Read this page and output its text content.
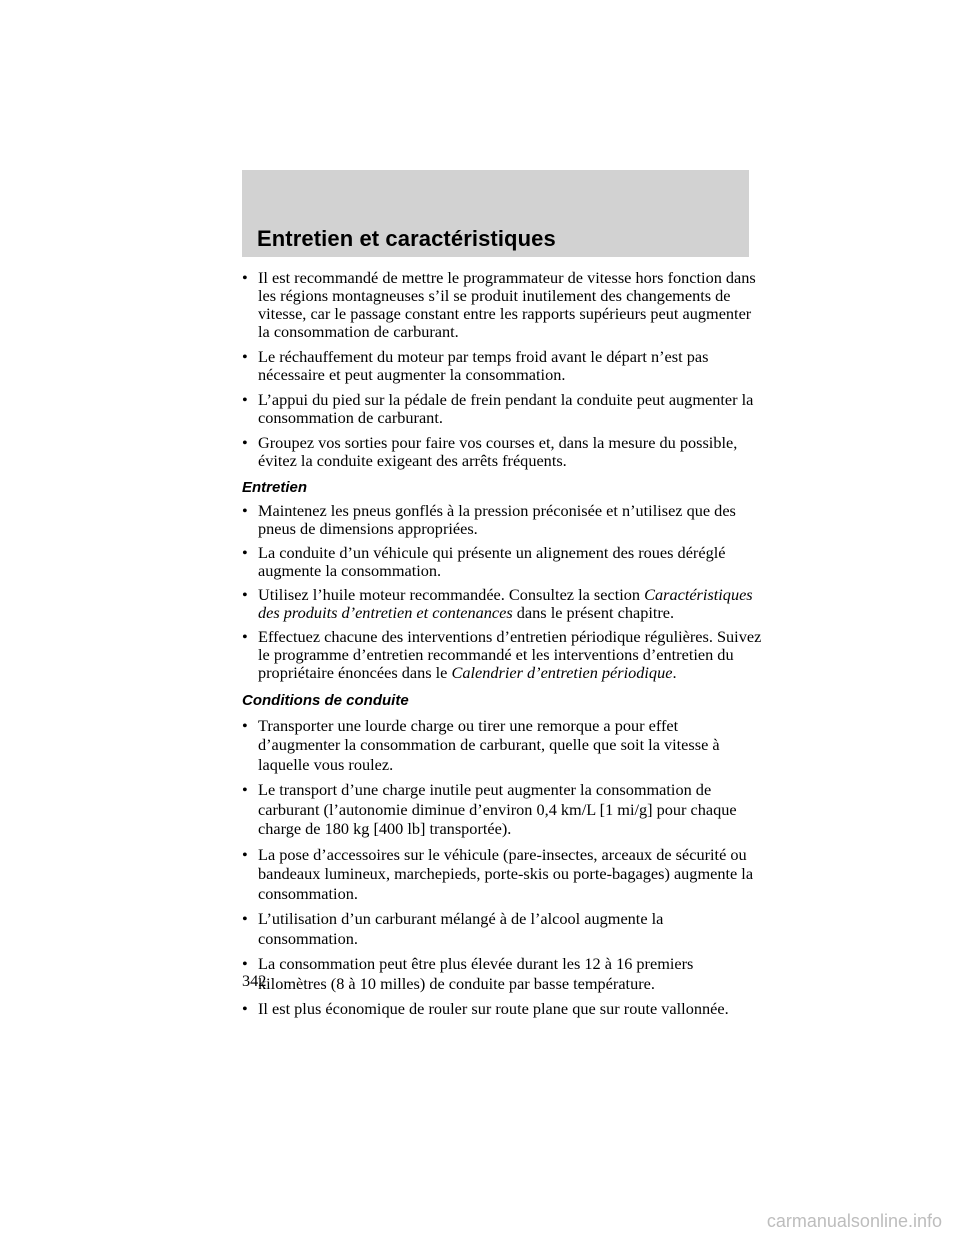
Entretien et caractéristiques
• Il est recommandé de mettre le programmateur de vitesse hors fonction dans les régions montagneuses s’il se produit inutilement des changements de vitesse, car le passage constant entre les rapports supérieurs peut augmenter la consommation de carburant.
• Le réchauffement du moteur par temps froid avant le départ n’est pas nécessaire et peut augmenter la consommation.
• L’appui du pied sur la pédale de frein pendant la conduite peut augmenter la consommation de carburant.
• Groupez vos sorties pour faire vos courses et, dans la mesure du possible, évitez la conduite exigeant des arrêts fréquents.
Entretien
• Maintenez les pneus gonflés à la pression préconisée et n’utilisez que des pneus de dimensions appropriées.
• La conduite d’un véhicule qui présente un alignement des roues déréglé augmente la consommation.
• Utilisez l’huile moteur recommandée. Consultez la section Caractéristiques des produits d’entretien et contenances dans le présent chapitre.
• Effectuez chacune des interventions d’entretien périodique régulières. Suivez le programme d’entretien recommandé et les interventions d’entretien du propriétaire énoncées dans le Calendrier d’entretien périodique.
Conditions de conduite
• Transporter une lourde charge ou tirer une remorque a pour effet d’augmenter la consommation de carburant, quelle que soit la vitesse à laquelle vous roulez.
• Le transport d’une charge inutile peut augmenter la consommation de carburant (l’autonomie diminue d’environ 0,4 km/L [1 mi/g] pour chaque charge de 180 kg [400 lb] transportée).
• La pose d’accessoires sur le véhicule (pare-insectes, arceaux de sécurité ou bandeaux lumineux, marchepieds, porte-skis ou porte-bagages) augmente la consommation.
• L’utilisation d’un carburant mélangé à de l’alcool augmente la consommation.
• La consommation peut être plus élevée durant les 12 à 16 premiers kilomètres (8 à 10 milles) de conduite par basse température.
• Il est plus économique de rouler sur route plane que sur route vallonnée.
342
carmanualsonline.info
